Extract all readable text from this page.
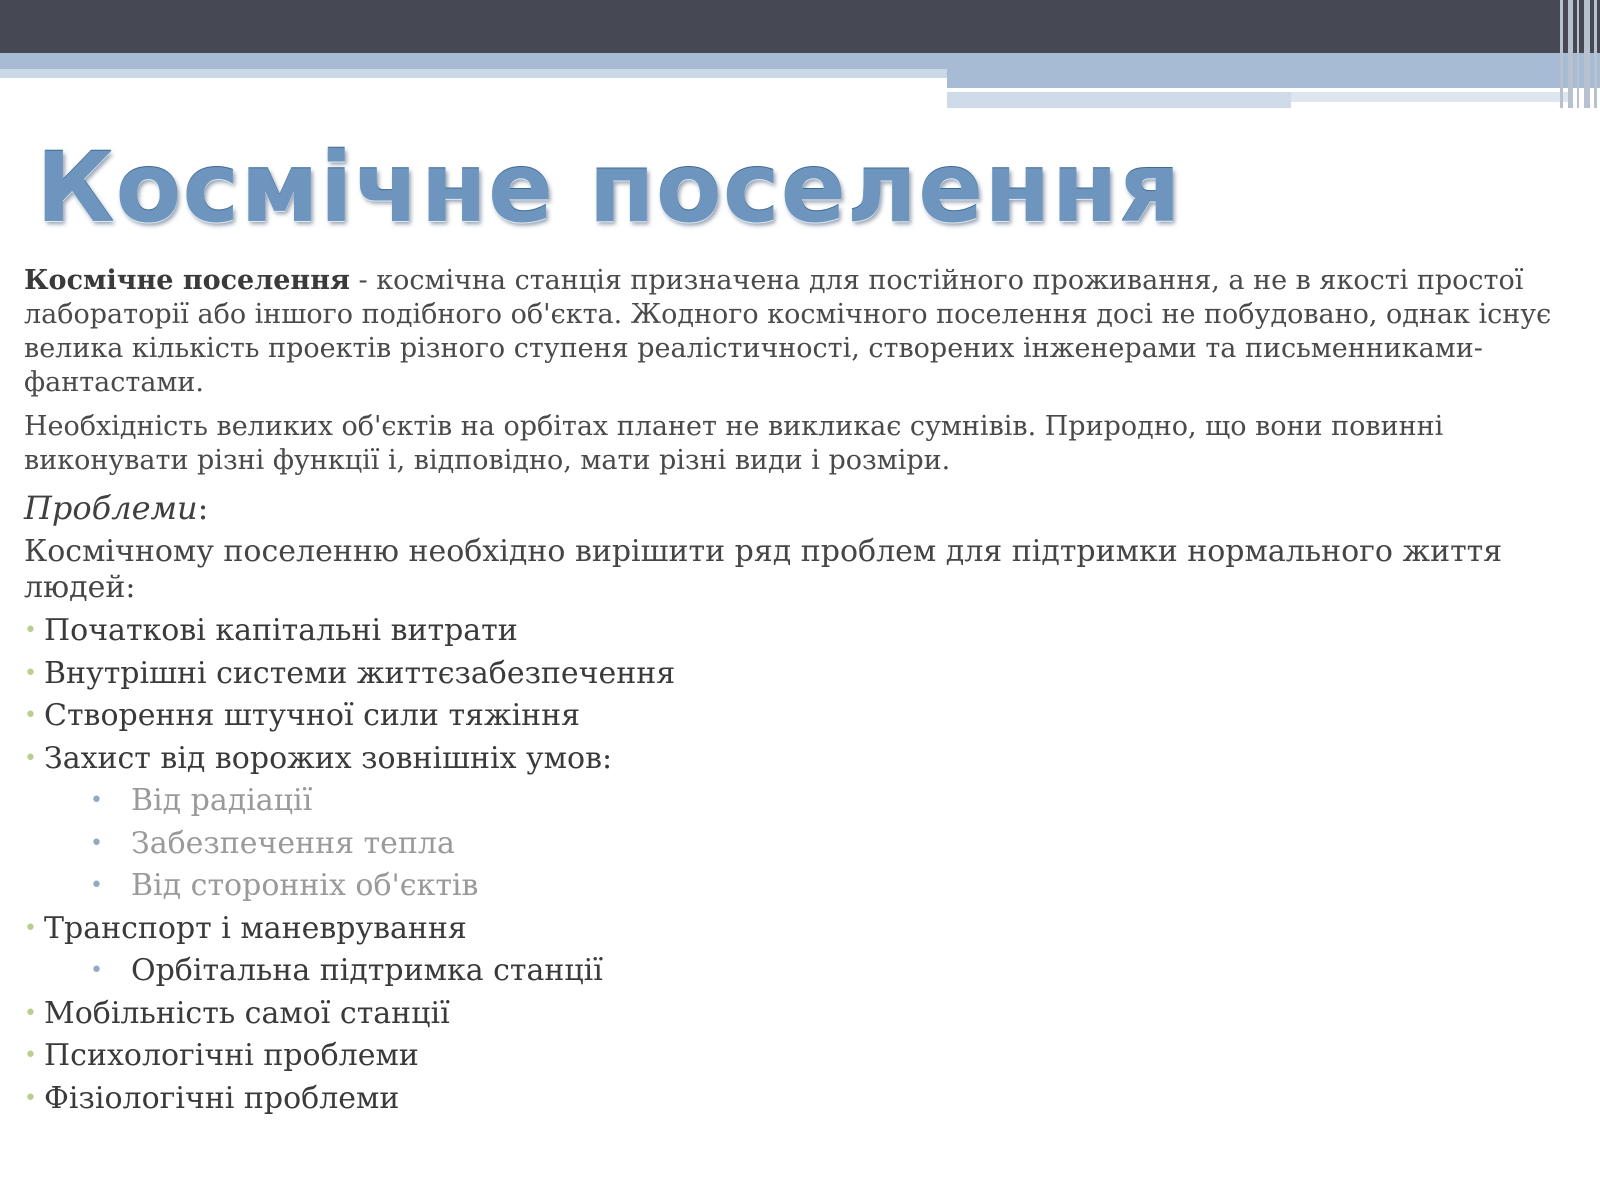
Космічне поселення

Космічне поселення - космічна станція призначена для постійного проживання, а не в якості простої лабораторії або іншого подібного об'єкта. Жодного космічного поселення досі не побудовано, однак існує велика кількість проектів різного ступеня реалістичності, створених інженерами та письменниками-фантастами.

Необхідність великих об'єктів на орбітах планет не викликає сумнівів. Природно, що вони повинні виконувати різні функції і, відповідно, мати різні види і розміри.

Проблеми:

Космічному поселенню необхідно вирішити ряд проблем для підтримки нормального життя людей:

• Початкові капітальні витрати
• Внутрішні системи життєзабезпечення
• Створення штучної сили тяжіння
• Захист від ворожих зовнішніх умов:
• Від радіації
• Забезпечення тепла
• Від сторонніх об'єктів
• Транспорт і маневрування
• Орбітальна підтримка станції
• Мобільність самої станції
• Психологічні проблеми
• Фізіологічні проблеми
